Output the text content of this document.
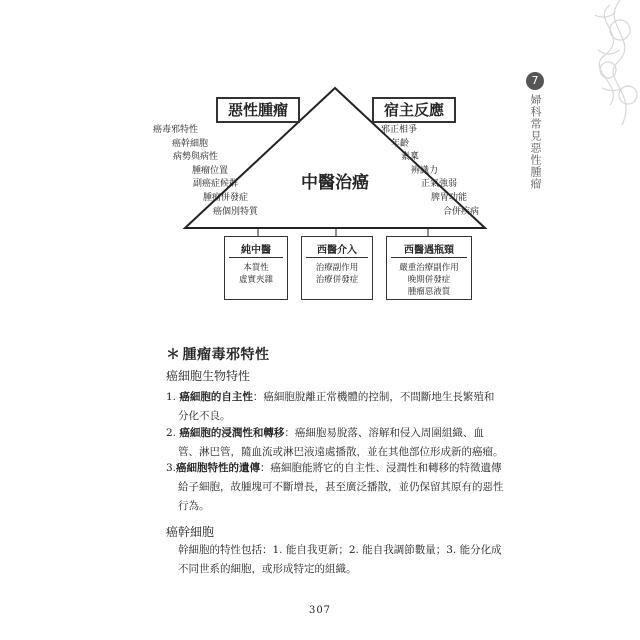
7
婦科常見惡性腫瘤
惡性腫瘤	宿主反應
癌毒邪特性
癌幹細胞
病勢與病性
腫瘤位置
副癌症候群
腫瘤併發症
癌個別特質
邪正相爭
年齡
素稟
辨識力
正氣強弱
脾胃功能
合併疾病
中醫治癌
純中醫
本質性
虛實夾雜
西醫介入
治療副作用
治療併發症
西醫遇瓶頸
嚴重治療副作用
晚期併發症
腫瘤惡液質
＊ 腫瘤毒邪特性
癌細胞生物特性
1. 癌細胞的自主性：癌細胞脫離正常機體的控制，不間斷地生長繁殖和分化不良。
2. 癌細胞的浸潤性和轉移：癌細胞易脫落、溶解和侵入周圍組織、血管、淋巴管，隨血流或淋巴液遠處播散，並在其他部位形成新的癌瘤。
3.癌細胞特性的遺傳：癌細胞能將它的自主性、浸潤性和轉移的特徵遺傳給子細胞，故腫塊可不斷增長，甚至廣泛播散，並仍保留其原有的惡性行為。
癌幹細胞
幹細胞的特性包括：1. 能自我更新；2. 能自我調節數量；3. 能分化成不同世系的細胞，或形成特定的組織。
307
